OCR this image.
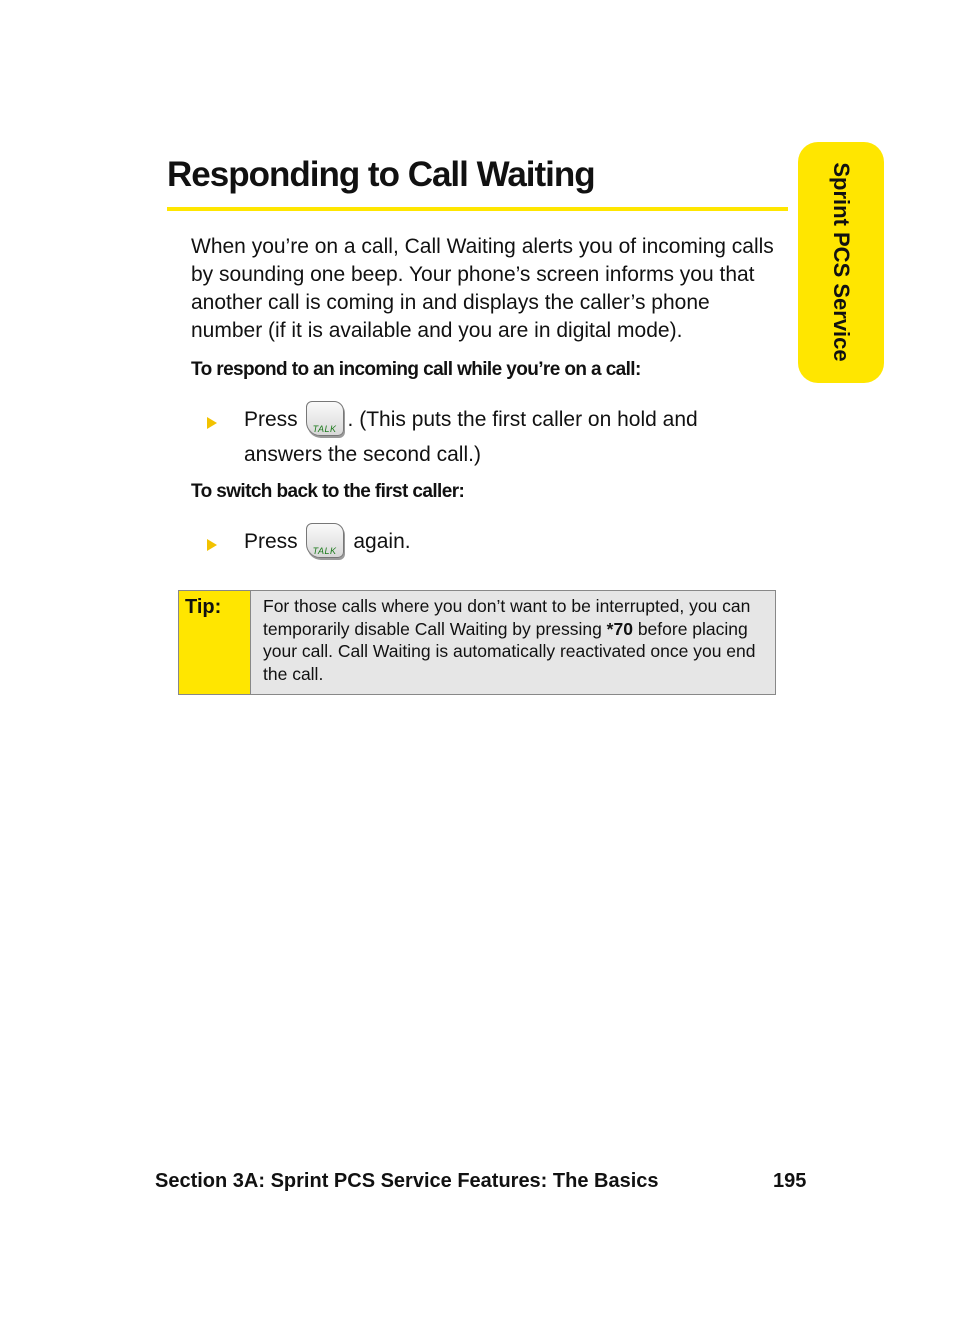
Sprint PCS Service
Responding to Call Waiting

When you’re on a call, Call Waiting alerts you of incoming calls by sounding one beep. Your phone’s screen informs you that another call is coming in and displays the caller’s phone number (if it is available and you are in digital mode).

To respond to an incoming call while you’re on a call:

Press	TALK . (This puts the first caller on hold and answers the second call.)

To switch back to the first caller:

Press	TALK again.

Tip: For those calls where you don’t want to be interrupted, you can temporarily disable Call Waiting by pressing *70 before placing your call. Call Waiting is automatically reactivated once you end the call.

Section 3A: Sprint PCS Service Features: The Basics	195
